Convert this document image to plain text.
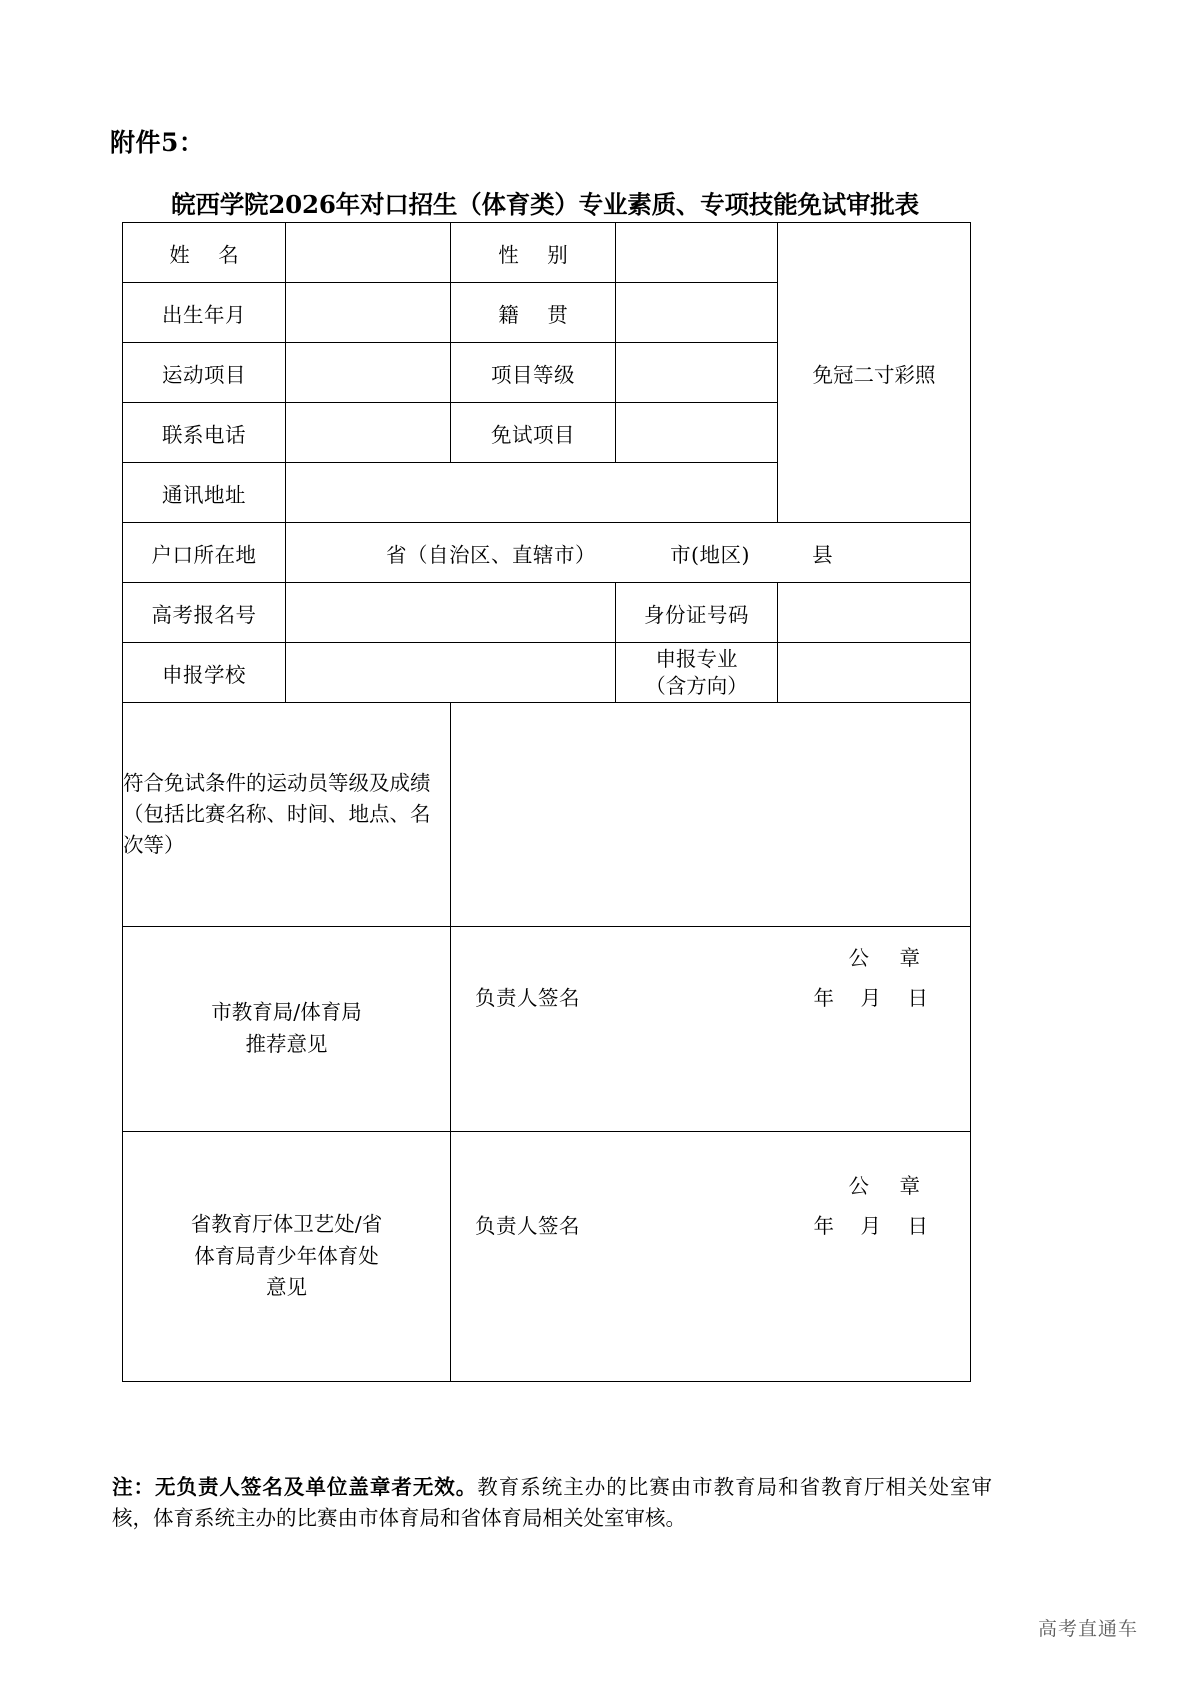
附件5：
皖西学院2026年对口招生（体育类）专业素质、专项技能免试审批表
姓 名		性 别		免冠二寸彩照
出生年月		籍 贯		
运动项目		项目等级		
联系电话		免试项目		
通讯地址				
户口所在地	省（自治区、直辖市） 市(地区) 县			

高考报名号			身份证号码	
申报学校			申报专业
（含方向）	

符合免试条件的运动员等级及成绩（包括比赛名称、时间、地点、名次等）				

市教育局/体育局
推荐意见

公 章
负责人签名	年 月 日

省教育厅体卫艺处/省
体育局青少年体育处
意见

公 章
负责人签名	年 月 日
注：无负责人签名及单位盖章者无效。教育系统主办的比赛由市教育局和省教育厅相关处室审核，体育系统主办的比赛由市体育局和省体育局相关处室审核。
高考直通车
